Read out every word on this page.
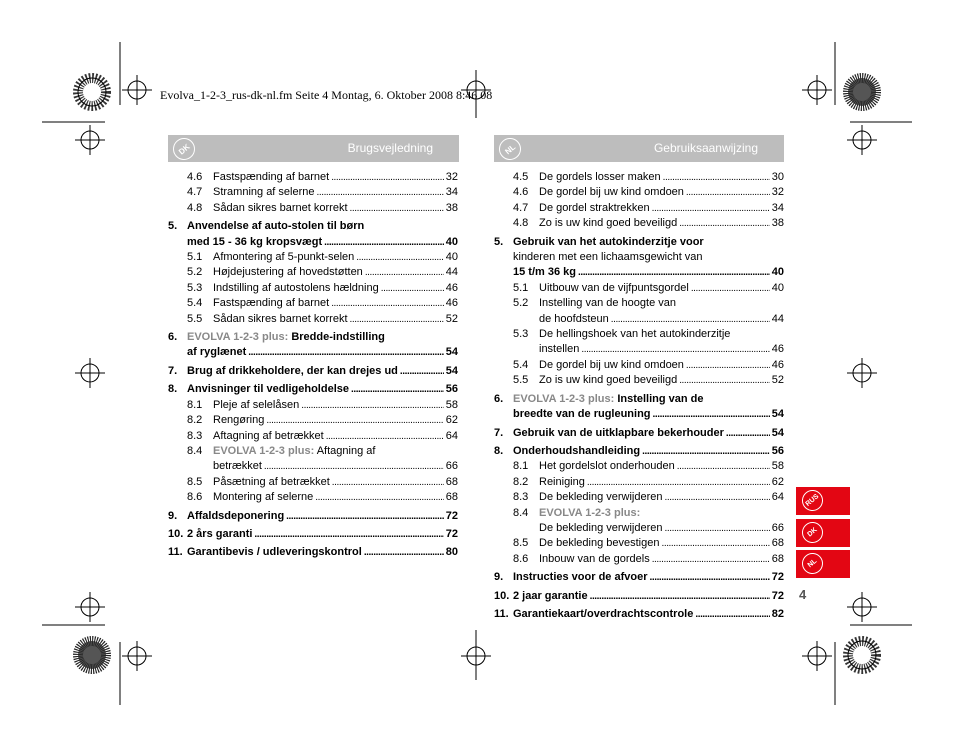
Evolva_1-2-3_rus-dk-nl.fm Seite 4 Montag, 6. Oktober 2008 8:46 08
DK	Brugsvejledning	NL	Gebruiksaanwijzing
4.6 Fastspænding af barnet . . .	32
4.7 Stramning af selerne . . .	34
4.8 Sådan sikres barnet korrekt . . .	38
5. Anvendelse af auto-stolen til børn
med 15 - 36 kg kropsvægt . . .	40
5.1 Afmontering af 5-punkt-selen . . .	40
5.2 Højdejustering af hovedstøtten . . .	44
5.3 Indstilling af autostolens hældning . . .	46
5.4 Fastspænding af barnet . . .	46
5.5 Sådan sikres barnet korrekt . . .	52
6. EVOLVA 1-2-3 plus: Bredde-indstilling
af ryglænet . . .	54
7. Brug af drikkeholdere, der kan drejes ud . . .	54
8. Anvisninger til vedligeholdelse . . .	56
8.1 Pleje af selelåsen . . .	58
8.2 Rengøring . . .	62
8.3 Aftagning af betrækket . . .	64
8.4 EVOLVA 1-2-3 plus: Aftagning af
betrækket . . .	66
8.5 Påsætning af betrækket . . .	68
8.6 Montering af selerne . . .	68
9. Affaldsdeponering . . .	72
10. 2 års garanti . . .	72
11. Garantibevis / udleveringskontrol . . .	80
4.5 De gordels losser maken . . .	30
4.6 De gordel bij uw kind omdoen . . .	32
4.7 De gordel straktrekken . . .	34
4.8 Zo is uw kind goed beveiligd . . .	38
5. Gebruik van het autokinderzitje voor
kinderen met een lichaamsgewicht van
15 t/m 36 kg . . .	40
5.1 Uitbouw van de vijfpuntsgordel . . .	40
5.2 Instelling van de hoogte van
de hoofdsteun . . .	44
5.3 De hellingshoek van het autokinderzitje
instellen . . .	46
5.4 De gordel bij uw kind omdoen . . .	46
5.5 Zo is uw kind goed beveiligd . . .	52
6. EVOLVA 1-2-3 plus: Instelling van de
breedte van de rugleuning . . .	54
7. Gebruik van de uitklapbare bekerhouder . . .	54
8. Onderhoudshandleiding . . .	56
8.1 Het gordelslot onderhouden . . .	58
8.2 Reiniging . . .	62
8.3 De bekleding verwijderen . . .	64
8.4 EVOLVA 1-2-3 plus:
De bekleding verwijderen . . .	66
8.5 De bekleding bevestigen . . .	68
8.6 Inbouw van de gordels . . .	68
9. Instructies voor de afvoer . . .	72
10. 2 jaar garantie . . .	72
11. Garantiekaart/overdrachtscontrole . . .	82
RUS
DK
NL
4
